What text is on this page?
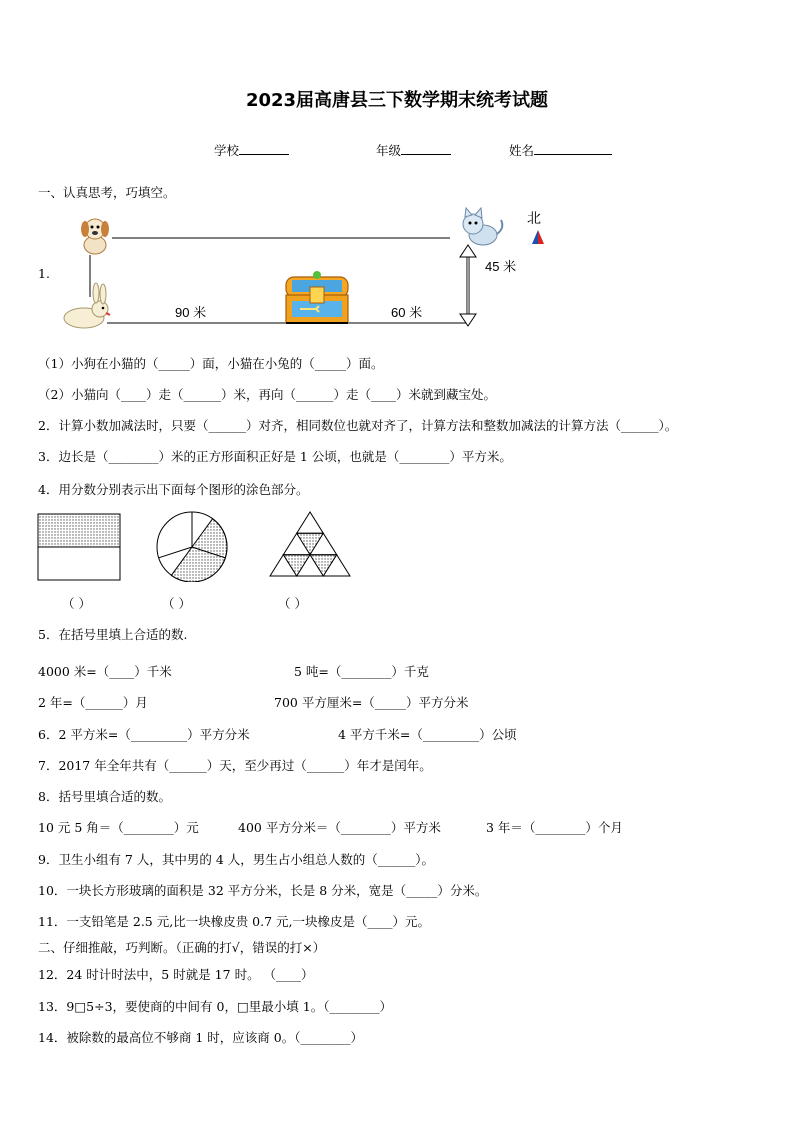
2023届高唐县三下数学期末统考试题
学校	年级	姓名
一、认真思考，巧填空。
1.
90 米	60 米
45 米
北
（1）小狗在小猫的（_____）面，小猫在小兔的（_____）面。
（2）小猫向（____）走（______）米，再向（______）走（____）米就到藏宝处。
2．计算小数加减法时，只要（______）对齐，相同数位也就对齐了，计算方法和整数加减法的计算方法（______）。
3．边长是（________）米的正方形面积正好是 1 公顷，也就是（________）平方米。
4．用分数分别表示出下面每个图形的涂色部分。
（ ）	（ ）	（ ）
5．在括号里填上合适的数.
4000 米=（____）千米	5 吨=（________）千克
2 年=（______）月	700 平方厘米=（_____）平方分米
6．2 平方米=（_________）平方分米	4 平方千米=（_________）公顷
7．2017 年全年共有（______）天，至少再过（______）年才是闰年。
8．括号里填合适的数。
10 元 5 角＝（________）元	400 平方分米＝（________）平方米	3 年＝（________）个月
9．卫生小组有 7 人，其中男的 4 人，男生占小组总人数的（______）。
10．一块长方形玻璃的面积是 32 平方分米，长是 8 分米，宽是（_____）分米。
11．一支铅笔是 2.5 元,比一块橡皮贵 0.7 元,一块橡皮是（____）元。
二、仔细推敲，巧判断。（正确的打√，错误的打×）
12．24 时计时法中，5 时就是 17 时。 （____）
13．9□5÷3，要使商的中间有 0，□里最小填 1。（________）
14．被除数的最高位不够商 1 时，应该商 0。（________）
